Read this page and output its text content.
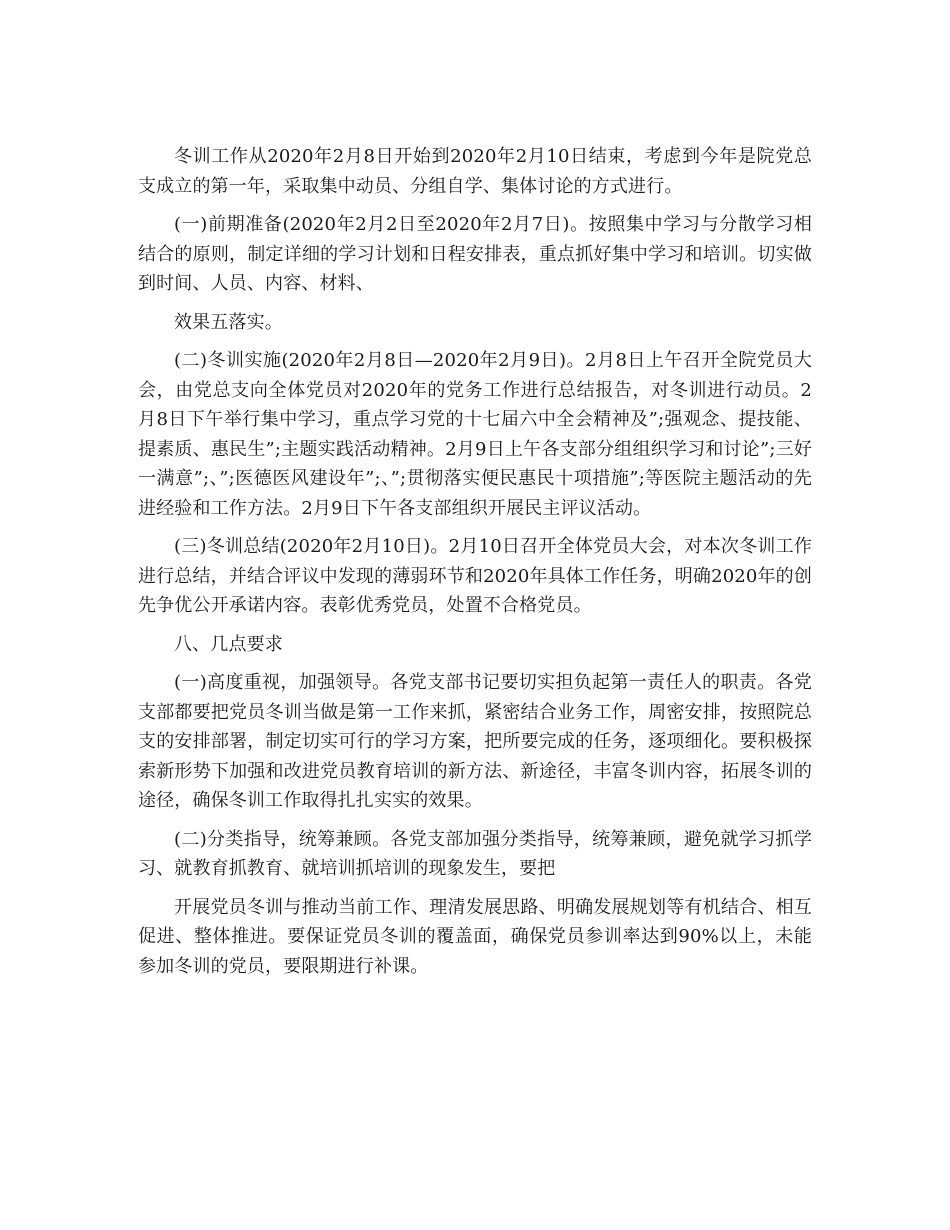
冬训工作从2020年2月8日开始到2020年2月10日结束，考虑到今年是院党总支成立的第一年，采取集中动员、分组自学、集体讨论的方式进行。

(一)前期准备(2020年2月2日至2020年2月7日)。按照集中学习与分散学习相结合的原则，制定详细的学习计划和日程安排表，重点抓好集中学习和培训。切实做到时间、人员、内容、材料、

效果五落实。

(二)冬训实施(2020年2月8日—2020年2月9日)。2月8日上午召开全院党员大会，由党总支向全体党员对2020年的党务工作进行总结报告，对冬训进行动员。2月8日下午举行集中学习，重点学习党的十七届六中全会精神及”;强观念、提技能、提素质、惠民生”;主题实践活动精神。2月9日上午各支部分组组织学习和讨论”;三好一满意”;、”;医德医风建设年”;、”;贯彻落实便民惠民十项措施”;等医院主题活动的先进经验和工作方法。2月9日下午各支部组织开展民主评议活动。

(三)冬训总结(2020年2月10日)。2月10日召开全体党员大会，对本次冬训工作进行总结，并结合评议中发现的薄弱环节和2020年具体工作任务，明确2020年的创先争优公开承诺内容。表彰优秀党员，处置不合格党员。

八、几点要求

(一)高度重视，加强领导。各党支部书记要切实担负起第一责任人的职责。各党支部都要把党员冬训当做是第一工作来抓，紧密结合业务工作，周密安排，按照院总支的安排部署，制定切实可行的学习方案，把所要完成的任务，逐项细化。要积极探索新形势下加强和改进党员教育培训的新方法、新途径，丰富冬训内容，拓展冬训的途径，确保冬训工作取得扎扎实实的效果。

(二)分类指导，统筹兼顾。各党支部加强分类指导，统筹兼顾，避免就学习抓学习、就教育抓教育、就培训抓培训的现象发生，要把

开展党员冬训与推动当前工作、理清发展思路、明确发展规划等有机结合、相互促进、整体推进。要保证党员冬训的覆盖面，确保党员参训率达到90%以上，未能参加冬训的党员，要限期进行补课。
